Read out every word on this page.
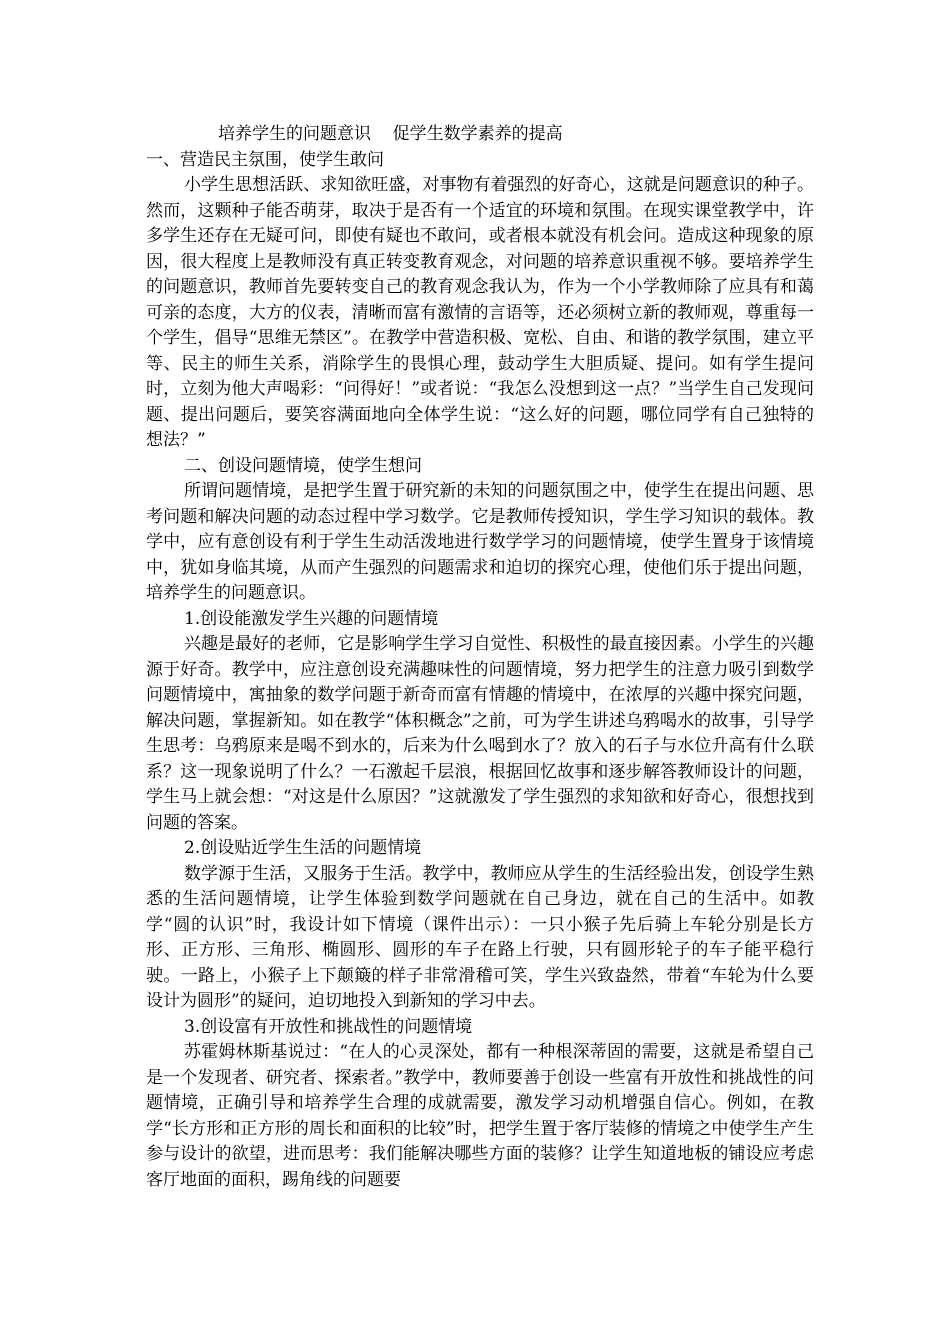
培养学生的问题意识    促学生数学素养的提高

一、营造民主氛围，使学生敢问

小学生思想活跃、求知欲旺盛，对事物有着强烈的好奇心，这就是问题意识的种子。然而，这颗种子能否萌芽，取决于是否有一个适宜的环境和氛围。在现实课堂教学中，许多学生还存在无疑可问，即使有疑也不敢问，或者根本就没有机会问。造成这种现象的原因，很大程度上是教师没有真正转变教育观念，对问题的培养意识重视不够。要培养学生的问题意识，教师首先要转变自己的教育观念我认为，作为一个小学教师除了应具有和蔼可亲的态度，大方的仪表，清晰而富有激情的言语等，还必须树立新的教师观，尊重每一个学生，倡导“思维无禁区”。在教学中营造积极、宽松、自由、和谐的教学氛围，建立平等、民主的师生关系，消除学生的畏惧心理，鼓动学生大胆质疑、提问。如有学生提问时，立刻为他大声喝彩：“问得好！”或者说：“我怎么没想到这一点？”当学生自己发现问题、提出问题后，要笑容满面地向全体学生说：“这么好的问题，哪位同学有自己独特的想法？”

二、创设问题情境，使学生想问

所谓问题情境，是把学生置于研究新的未知的问题氛围之中，使学生在提出问题、思考问题和解决问题的动态过程中学习数学。它是教师传授知识，学生学习知识的载体。教学中，应有意创设有利于学生生动活泼地进行数学学习的问题情境，使学生置身于该情境中，犹如身临其境，从而产生强烈的问题需求和迫切的探究心理，使他们乐于提出问题，培养学生的问题意识。

1.创设能激发学生兴趣的问题情境

兴趣是最好的老师，它是影响学生学习自觉性、积极性的最直接因素。小学生的兴趣源于好奇。教学中，应注意创设充满趣味性的问题情境，努力把学生的注意力吸引到数学问题情境中，寓抽象的数学问题于新奇而富有情趣的情境中，在浓厚的兴趣中探究问题，解决问题，掌握新知。如在教学“体积概念”之前，可为学生讲述乌鸦喝水的故事，引导学生思考：乌鸦原来是喝不到水的，后来为什么喝到水了？放入的石子与水位升高有什么联系？这一现象说明了什么？一石激起千层浪，根据回忆故事和逐步解答教师设计的问题，学生马上就会想：“对这是什么原因？”这就激发了学生强烈的求知欲和好奇心，很想找到问题的答案。

2.创设贴近学生生活的问题情境

数学源于生活，又服务于生活。教学中，教师应从学生的生活经验出发，创设学生熟悉的生活问题情境，让学生体验到数学问题就在自己身边，就在自己的生活中。如教学“圆的认识”时，我设计如下情境（课件出示）：一只小猴子先后骑上车轮分别是长方形、正方形、三角形、椭圆形、圆形的车子在路上行驶，只有圆形轮子的车子能平稳行驶。一路上，小猴子上下颠簸的样子非常滑稽可笑，学生兴致盎然，带着“车轮为什么要设计为圆形”的疑问，迫切地投入到新知的学习中去。

3.创设富有开放性和挑战性的问题情境

苏霍姆林斯基说过：“在人的心灵深处，都有一种根深蒂固的需要，这就是希望自己是一个发现者、研究者、探索者。”教学中，教师要善于创设一些富有开放性和挑战性的问题情境，正确引导和培养学生合理的成就需要，激发学习动机增强自信心。例如，在教学“长方形和正方形的周长和面积的比较”时，把学生置于客厅装修的情境之中使学生产生参与设计的欲望，进而思考：我们能解决哪些方面的装修？让学生知道地板的铺设应考虑客厅地面的面积，踢角线的问题要
